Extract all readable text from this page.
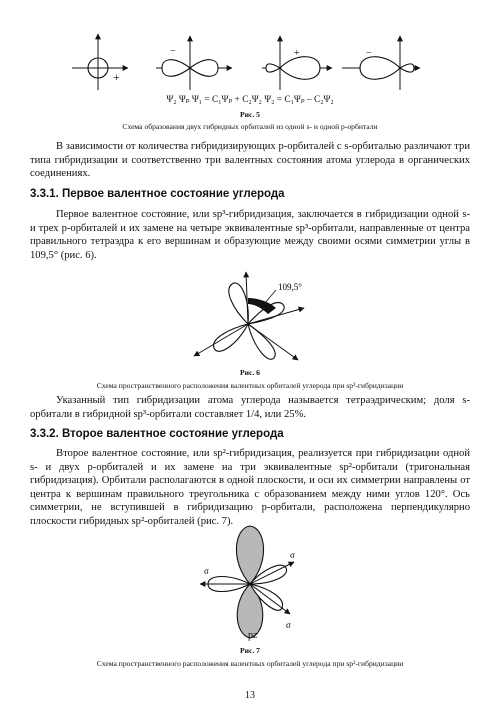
+
−	+	−

Ψ₂ Ψₚ Ψ₁ = C₁Ψₚ + C₂Ψ₂ Ψ₂ = C₁Ψₚ – C₂Ψ₂

Рис. 5

Схема образования двух гибридных орбиталей из одной s- и одной p-орбитали

В зависимости от количества гибридизирующих p-орбиталей с s-орбиталью различают три типа гибридизации и соответственно три валентных состояния атома углерода в органических соединениях.

3.3.1. Первое валентное состояние углерода

Первое валентное состояние, или sp³-гибридизация, заключается в гибридизации одной s- и трех p-орбиталей и их замене на четыре эквивалентные sp³-орбитали, направленные от центра правильного тетраэдра к его вершинам и образующие между своими осями симметрии углы в 109,5° (рис. 6).

109,5°

Рис. 6

Схема пространственного расположения валентных орбиталей углерода при sp³-гибридизации

Указанный тип гибридизации атома углерода называется тетраэдрическим; доля s-орбитали в гибридной sp³-орбитали составляет 1/4, или 25%.

3.3.2. Второе валентное состояние углерода

Второе валентное состояние, или sp²-гибридизация, реализуется при гибридизации одной s- и двух p-орбиталей и их замене на три эквивалентные sp²-орбитали (тригональная гибридизация). Орбитали располагаются в одной плоскости, и оси их симметрии направлены от центра к вершинам правильного треугольника с образованием между ними углов 120°. Ось симметрии, не вступившей в гибридизацию p-орбитали, расположена перпендикулярно плоскости гибридных sp²-орбиталей (рис. 7).

σ
σ
σ

pz

Рис. 7

Схема пространственного расположения валентных орбиталей углерода при sp²-гибридизации

13
